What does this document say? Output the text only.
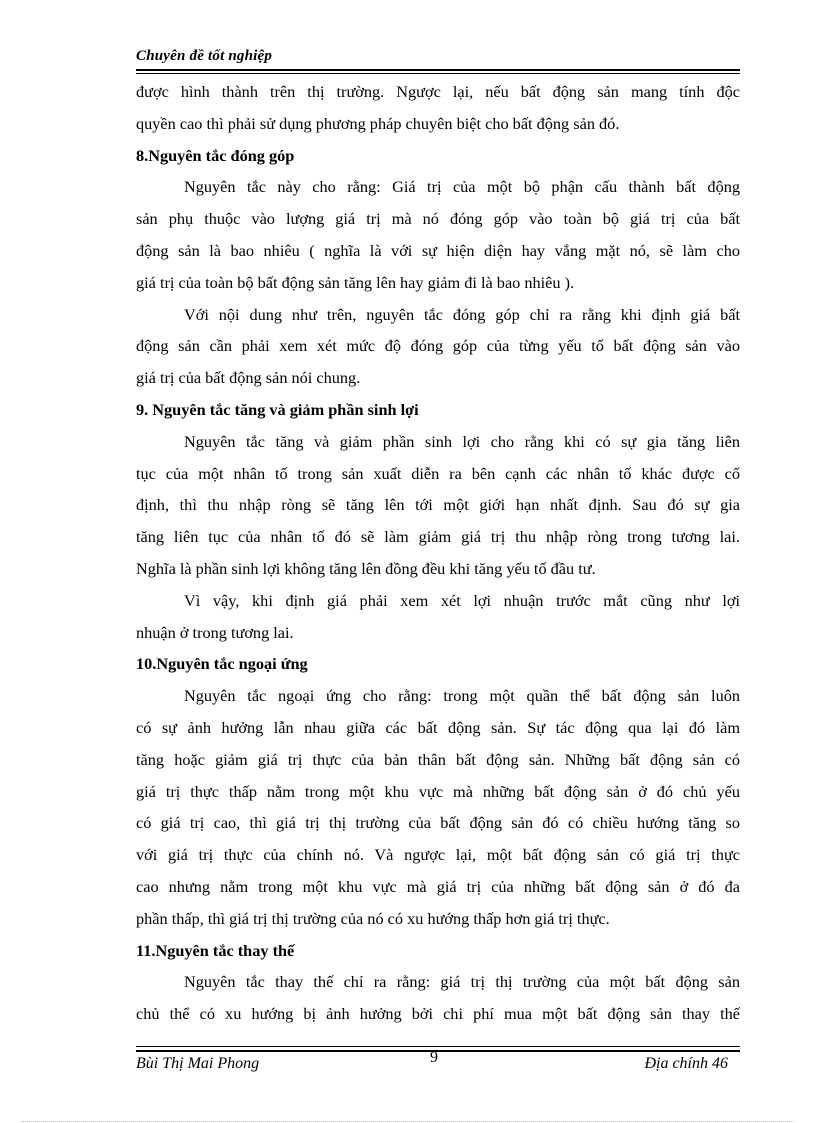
Chuyên đề tốt nghiệp
được hình thành trên thị trường. Ngược lại, nếu bất động sản mang tính độc
quyền cao thì phải sử dụng phương pháp chuyên biệt cho bất động sản đó.
8.Nguyên tắc đóng góp
Nguyên tắc này cho rằng: Giá trị của một bộ phận cấu thành bất động
sản phụ thuộc vào lượng giá trị mà nó đóng góp vào toàn bộ giá trị của bất
động sản là bao nhiêu ( nghĩa là với sự hiện diện hay vắng mặt nó, sẽ làm cho
giá trị của toàn bộ bất động sản tăng lên hay giảm đi là bao nhiêu ).
Với nội dung như trên, nguyên tắc đóng góp chỉ ra rằng khi định giá bất
động sản cần phải xem xét mức độ đóng góp của từng yếu tố bất động sản vào
giá trị của bất động sản nói chung.
9. Nguyên tắc tăng và giảm phần sinh lợi
Nguyên tắc tăng và giảm phần sinh lợi cho rằng khi có sự gia tăng liên
tục của một nhân tố trong sản xuất diễn ra bên cạnh các nhân tố khác được cố
định, thì thu nhập ròng sẽ tăng lên tới một giới hạn nhất định. Sau đó sự gia
tăng liên tục của nhân tố đó sẽ làm giảm giá trị thu nhập ròng trong tương lai.
Nghĩa là phần sinh lợi không tăng lên đồng đều khi tăng yếu tố đầu tư.
Vì vậy, khi định giá phải xem xét lợi nhuận trước mắt cũng như lợi
nhuận ở trong tương lai.
10.Nguyên tắc ngoại ứng
Nguyên tắc ngoại ứng cho rằng: trong một quần thể bất động sản luôn
có sự ảnh hưởng lẫn nhau giữa các bất động sản. Sự tác động qua lại đó làm
tăng hoặc giảm giá trị thực của bản thân bất động sản. Những bất động sản có
giá trị thực thấp nằm trong một khu vực mà những bất động sản ở đó chủ yếu
có giá trị cao, thì giá trị thị trường của bất động sản đó có chiều hướng tăng so
với giá trị thực của chính nó. Và ngược lại, một bất động sản có giá trị thực
cao nhưng nằm trong một khu vực mà giá trị của những bất động sản ở đó đa
phần thấp, thì giá trị thị trường của nó có xu hướng thấp hơn giá trị thực.
11.Nguyên tắc thay thế
Nguyên tắc thay thế chỉ ra rằng: giá trị thị trường của một bất động sản
chủ thể có xu hướng bị ảnh hưởng bởi chi phí mua một bất động sản thay thế
Bùi Thị Mai Phong	9	Địa chính 46
